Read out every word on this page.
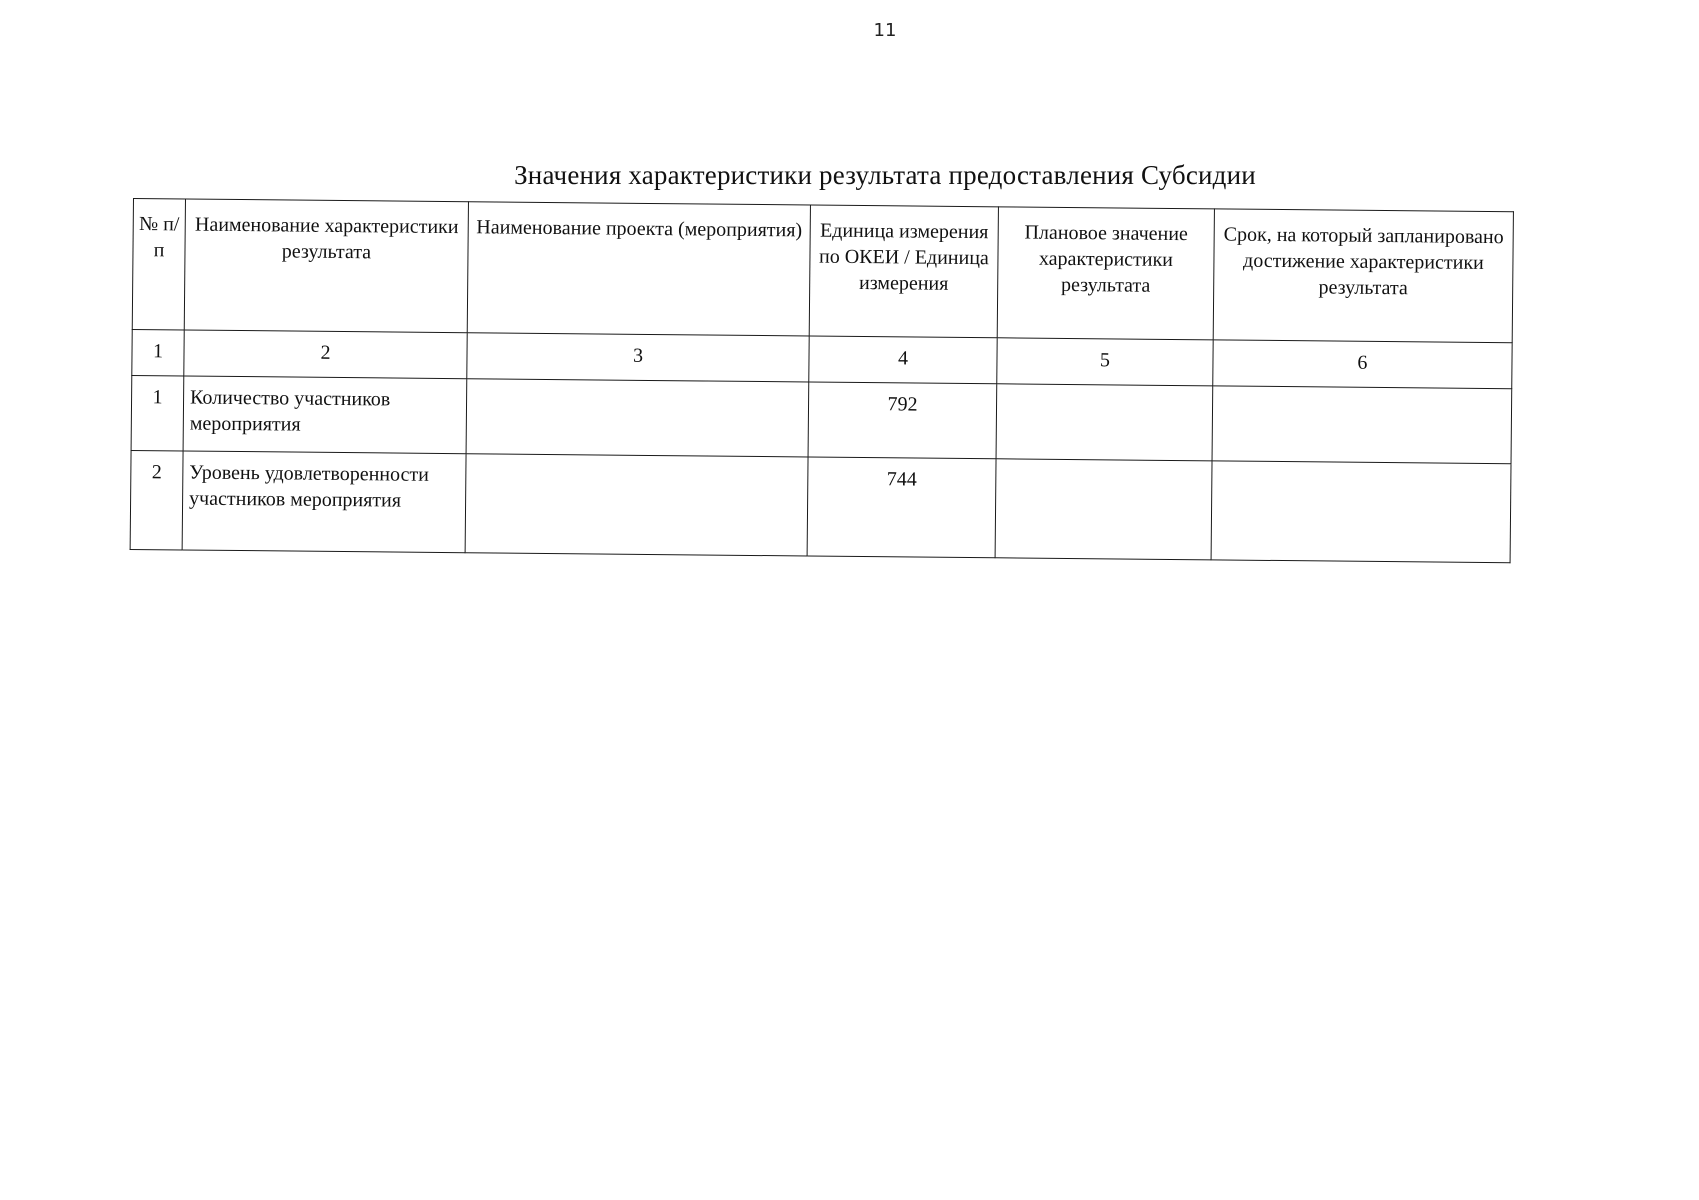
11
Значения характеристики результата предоставления Субсидии
№ п/п	Наименование характеристики результата	Наименование проекта (мероприятия)	Единица измерения по ОКЕИ / Единица измерения	Плановое значение характеристики результата	Срок, на который запланировано достижение характеристики результата
1	2	3	4	5	6
1	Количество участников мероприятия		792		
2	Уровень удовлетворенности участников мероприятия		744		
